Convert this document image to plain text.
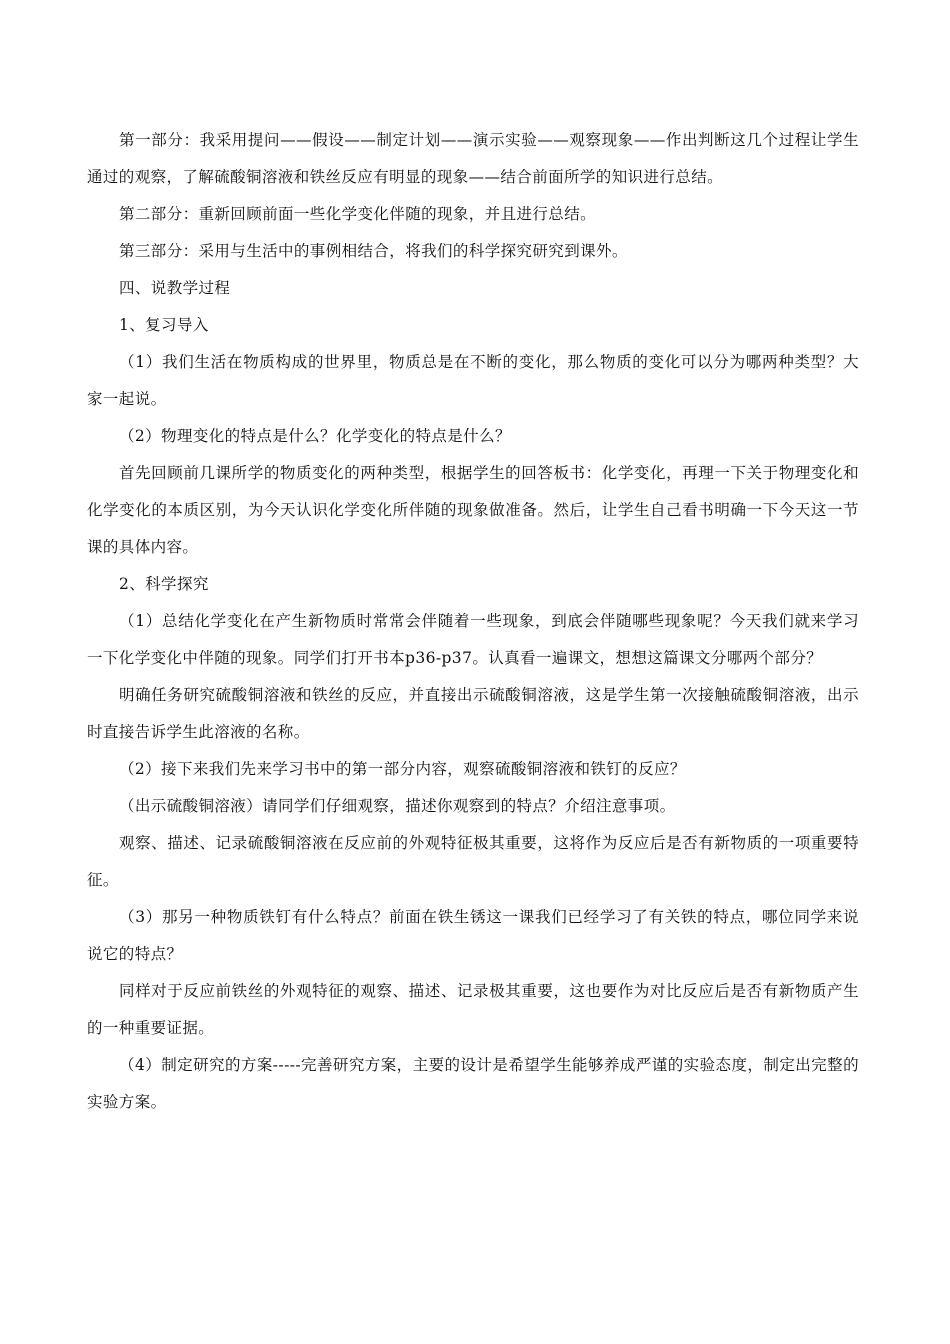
第一部分：我采用提问——假设——制定计划——演示实验——观察现象——作出判断这几个过程让学生通过的观察，了解硫酸铜溶液和铁丝反应有明显的现象——结合前面所学的知识进行总结。

第二部分：重新回顾前面一些化学变化伴随的现象，并且进行总结。

第三部分：采用与生活中的事例相结合，将我们的科学探究研究到课外。

四、说教学过程

1、复习导入

（1）我们生活在物质构成的世界里，物质总是在不断的变化，那么物质的变化可以分为哪两种类型？大家一起说。

（2）物理变化的特点是什么？化学变化的特点是什么？

首先回顾前几课所学的物质变化的两种类型，根据学生的回答板书：化学变化，再理一下关于物理变化和化学变化的本质区别，为今天认识化学变化所伴随的现象做准备。然后，让学生自己看书明确一下今天这一节课的具体内容。

2、科学探究

（1）总结化学变化在产生新物质时常常会伴随着一些现象，到底会伴随哪些现象呢？今天我们就来学习一下化学变化中伴随的现象。同学们打开书本p36-p37。认真看一遍课文，想想这篇课文分哪两个部分？

明确任务研究硫酸铜溶液和铁丝的反应，并直接出示硫酸铜溶液，这是学生第一次接触硫酸铜溶液，出示时直接告诉学生此溶液的名称。

（2）接下来我们先来学习书中的第一部分内容，观察硫酸铜溶液和铁钉的反应？

（出示硫酸铜溶液）请同学们仔细观察，描述你观察到的特点？介绍注意事项。

观察、描述、记录硫酸铜溶液在反应前的外观特征极其重要，这将作为反应后是否有新物质的一项重要特征。

（3）那另一种物质铁钉有什么特点？前面在铁生锈这一课我们已经学习了有关铁的特点，哪位同学来说说它的特点？

同样对于反应前铁丝的外观特征的观察、描述、记录极其重要，这也要作为对比反应后是否有新物质产生的一种重要证据。

（4）制定研究的方案-----完善研究方案，主要的设计是希望学生能够养成严谨的实验态度，制定出完整的实验方案。
